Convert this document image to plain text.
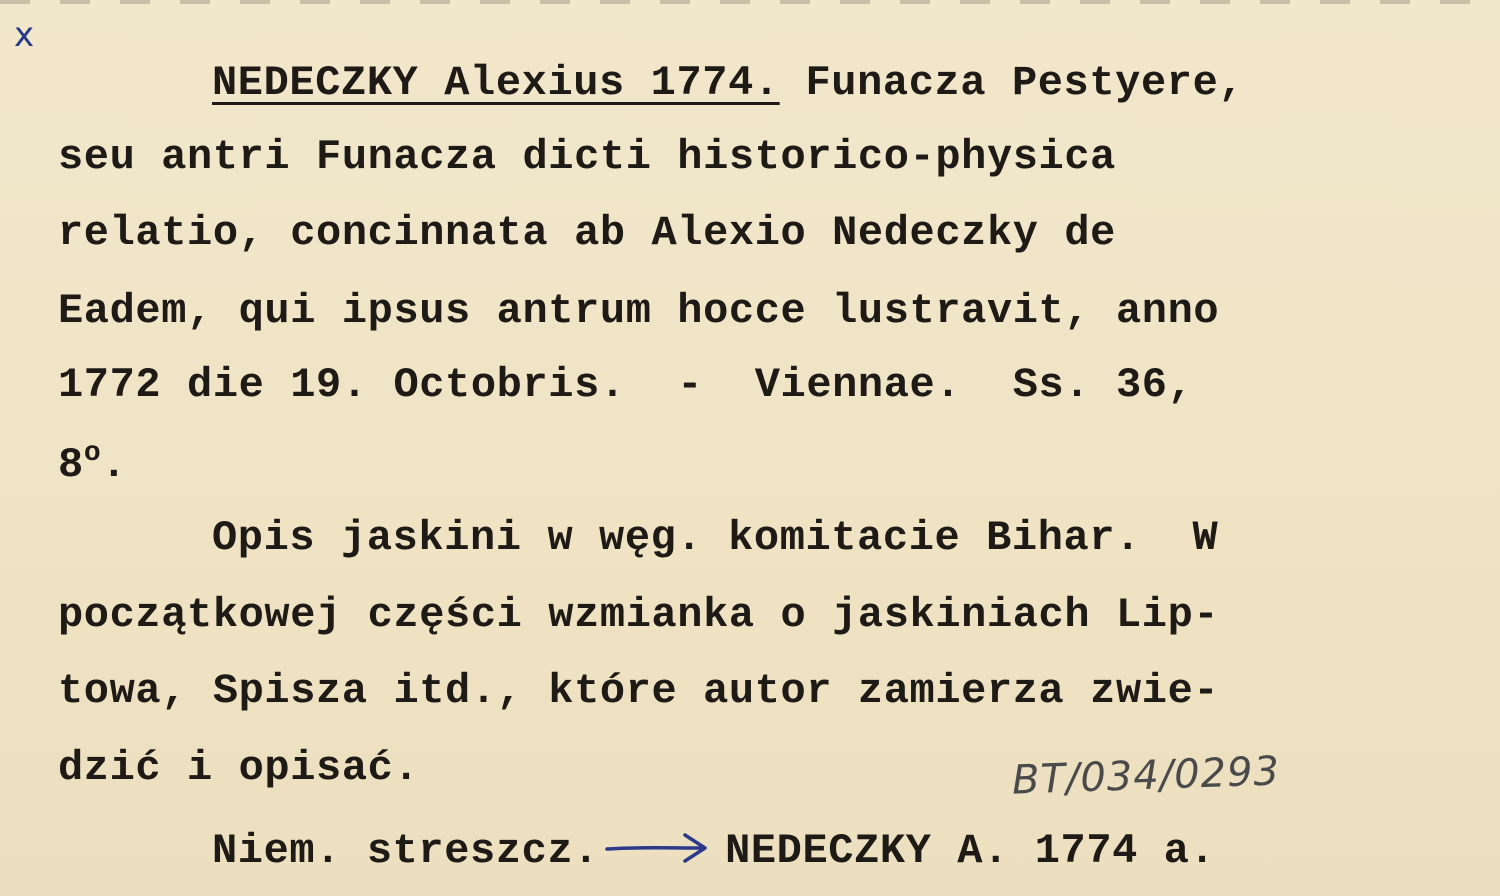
x
NEDECZKY Alexius 1774. Funacza Pestyere,
seu antri Funacza dicti historico-physica
relatio, concinnata ab Alexio Nedeczky de
Eadem, qui ipsus antrum hocce lustravit, anno
1772 die 19. Octobris.  -  Viennae.  Ss. 36,
8$^o$.
Opis jaskini w węg. komitacie Bihar.  W
początkowej części wzmianka o jaskiniach Lip-
towa, Spisza itd., które autor zamierza zwie-
dzić i opisać.
Niem. streszcz.	NEDECZKY A. 1774 a.
BT/034/0293
